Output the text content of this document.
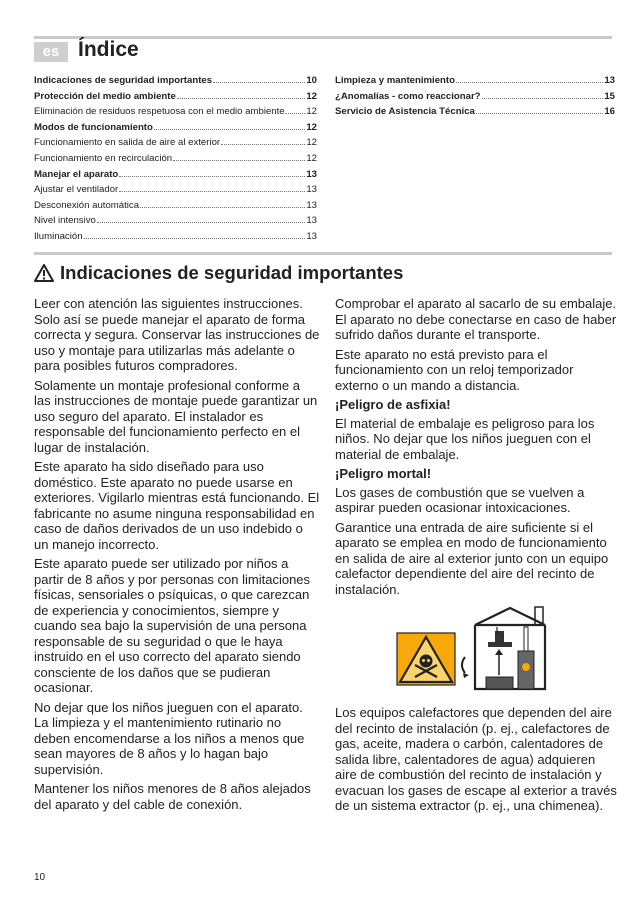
es Índice
Indicaciones de seguridad importantes	10
Protección del medio ambiente	12
Eliminación de residuos respetuosa con el medio ambiente. 12
Modos de funcionamiento	12
Funcionamiento en salida de aire al exterior	12
Funcionamiento en recirculación	12
Manejar el aparato	13
Ajustar el ventilador	13
Desconexión automática	13
Nivel intensivo	13
Iluminación	13
Limpieza y mantenimiento	13
¿Anomalías - como reaccionar?	15
Servicio de Asistencia Técnica	16
Indicaciones de seguridad importantes

Leer con atención las siguientes instrucciones. Solo así se puede manejar el aparato de forma correcta y segura. Conservar las instrucciones de uso y montaje para utilizarlas más adelante o para posibles futuros compradores.

Solamente un montaje profesional conforme a las instrucciones de montaje puede garantizar un uso seguro del aparato. El instalador es responsable del funcionamiento perfecto en el lugar de instalación.

Este aparato ha sido diseñado para uso doméstico. Este aparato no puede usarse en exteriores. Vigilarlo mientras está funcionando. El fabricante no asume ninguna responsabilidad en caso de daños derivados de un uso indebido o un manejo incorrecto.

Este aparato puede ser utilizado por niños a partir de 8 años y por personas con limitaciones físicas, sensoriales o psíquicas, o que carezcan de experiencia y conocimientos, siempre y cuando sea bajo la supervisión de una persona responsable de su seguridad o que le haya instruido en el uso correcto del aparato siendo consciente de los daños que se pudieran ocasionar.

No dejar que los niños jueguen con el aparato. La limpieza y el mantenimiento rutinario no deben encomendarse a los niños a menos que sean mayores de 8 años y lo hagan bajo supervisión.

Mantener los niños menores de 8 años alejados del aparato y del cable de conexión.

Comprobar el aparato al sacarlo de su embalaje. El aparato no debe conectarse en caso de haber sufrido daños durante el transporte.

Este aparato no está previsto para el funcionamiento con un reloj temporizador externo o un mando a distancia.

¡Peligro de asfixia!

El material de embalaje es peligroso para los niños. No dejar que los niños jueguen con el material de embalaje.

¡Peligro mortal!

Los gases de combustión que se vuelven a aspirar pueden ocasionar intoxicaciones.

Garantice una entrada de aire suficiente si el aparato se emplea en modo de funcionamiento en salida de aire al exterior junto con un equipo calefactor dependiente del aire del recinto de instalación.

Los equipos calefactores que dependen del aire del recinto de instalación (p. ej., calefactores de gas, aceite, madera o carbón, calentadores de salida libre, calentadores de agua) adquieren aire de combustión del recinto de instalación y evacuan los gases de escape al exterior a través de un sistema extractor (p. ej., una chimenea).

10
